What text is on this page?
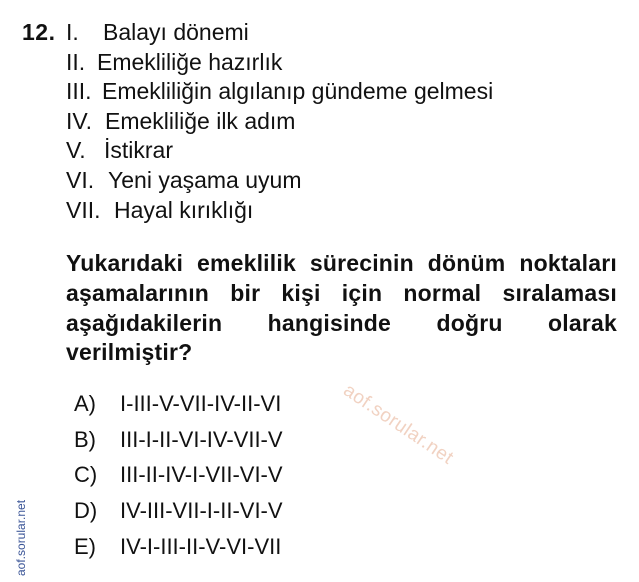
12. I.	Balayı dönemi
II. Emekliliğe hazırlık
III. Emekliliğin algılanıp gündeme gelmesi
IV. Emekliliğe ilk adım
V. İstikrar
VI. Yeni yaşama uyum
VII. Hayal kırıklığı
Yukarıdaki emeklilik sürecinin dönüm noktaları aşamalarının bir kişi için normal sıralaması aşağıdakilerin hangisinde doğru olarak verilmiştir?
aof.sorular.net
A)	I-III-V-VII-IV-II-VI
B)	III-I-II-VI-IV-VII-V
C)	III-II-IV-I-VII-VI-V
D)	IV-III-VII-I-II-VI-V
E)	IV-I-III-II-V-VI-VII
aof.sorular.net
